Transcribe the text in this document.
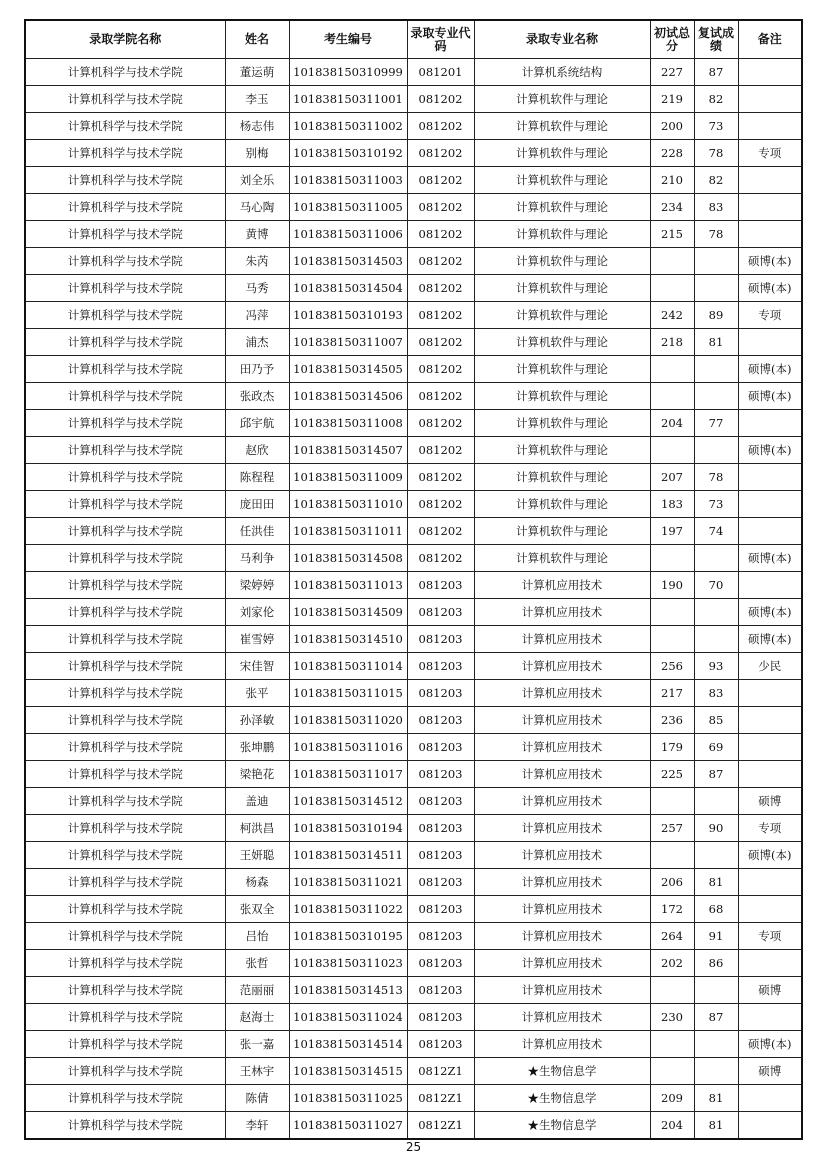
录取学院名称	姓名	考生编号	录取专业代码	录取专业名称	初试总分	复试成绩	备注
计算机科学与技术学院	董运萌	101838150310999	081201	计算机系统结构	227	87	
计算机科学与技术学院	李玉	101838150311001	081202	计算机软件与理论	219	82	
计算机科学与技术学院	杨志伟	101838150311002	081202	计算机软件与理论	200	73	
计算机科学与技术学院	别梅	101838150310192	081202	计算机软件与理论	228	78	专项
计算机科学与技术学院	刘全乐	101838150311003	081202	计算机软件与理论	210	82	
计算机科学与技术学院	马心陶	101838150311005	081202	计算机软件与理论	234	83	
计算机科学与技术学院	黄博	101838150311006	081202	计算机软件与理论	215	78	
计算机科学与技术学院	朱芮	101838150314503	081202	计算机软件与理论			硕博(本)
计算机科学与技术学院	马秀	101838150314504	081202	计算机软件与理论			硕博(本)
计算机科学与技术学院	冯萍	101838150310193	081202	计算机软件与理论	242	89	专项
计算机科学与技术学院	浦杰	101838150311007	081202	计算机软件与理论	218	81	
计算机科学与技术学院	田乃予	101838150314505	081202	计算机软件与理论			硕博(本)
计算机科学与技术学院	张政杰	101838150314506	081202	计算机软件与理论			硕博(本)
计算机科学与技术学院	邱宇航	101838150311008	081202	计算机软件与理论	204	77	
计算机科学与技术学院	赵欣	101838150314507	081202	计算机软件与理论			硕博(本)
计算机科学与技术学院	陈程程	101838150311009	081202	计算机软件与理论	207	78	
计算机科学与技术学院	庞田田	101838150311010	081202	计算机软件与理论	183	73	
计算机科学与技术学院	任洪佳	101838150311011	081202	计算机软件与理论	197	74	
计算机科学与技术学院	马利争	101838150314508	081202	计算机软件与理论			硕博(本)
计算机科学与技术学院	梁婷婷	101838150311013	081203	计算机应用技术	190	70	
计算机科学与技术学院	刘家伦	101838150314509	081203	计算机应用技术			硕博(本)
计算机科学与技术学院	崔雪婷	101838150314510	081203	计算机应用技术			硕博(本)
计算机科学与技术学院	宋佳智	101838150311014	081203	计算机应用技术	256	93	少民
计算机科学与技术学院	张平	101838150311015	081203	计算机应用技术	217	83	
计算机科学与技术学院	孙泽敏	101838150311020	081203	计算机应用技术	236	85	
计算机科学与技术学院	张坤鹏	101838150311016	081203	计算机应用技术	179	69	
计算机科学与技术学院	梁艳花	101838150311017	081203	计算机应用技术	225	87	
计算机科学与技术学院	盖迪	101838150314512	081203	计算机应用技术			硕博
计算机科学与技术学院	柯洪昌	101838150310194	081203	计算机应用技术	257	90	专项
计算机科学与技术学院	王妍聪	101838150314511	081203	计算机应用技术			硕博(本)
计算机科学与技术学院	杨森	101838150311021	081203	计算机应用技术	206	81	
计算机科学与技术学院	张双全	101838150311022	081203	计算机应用技术	172	68	
计算机科学与技术学院	吕怡	101838150310195	081203	计算机应用技术	264	91	专项
计算机科学与技术学院	张哲	101838150311023	081203	计算机应用技术	202	86	
计算机科学与技术学院	范丽丽	101838150314513	081203	计算机应用技术			硕博
计算机科学与技术学院	赵海士	101838150311024	081203	计算机应用技术	230	87	
计算机科学与技术学院	张一嘉	101838150314514	081203	计算机应用技术			硕博(本)
计算机科学与技术学院	王林宇	101838150314515	0812Z1	★生物信息学			硕博
计算机科学与技术学院	陈倩	101838150311025	0812Z1	★生物信息学	209	81	
计算机科学与技术学院	李轩	101838150311027	0812Z1	★生物信息学	204	81	
25
